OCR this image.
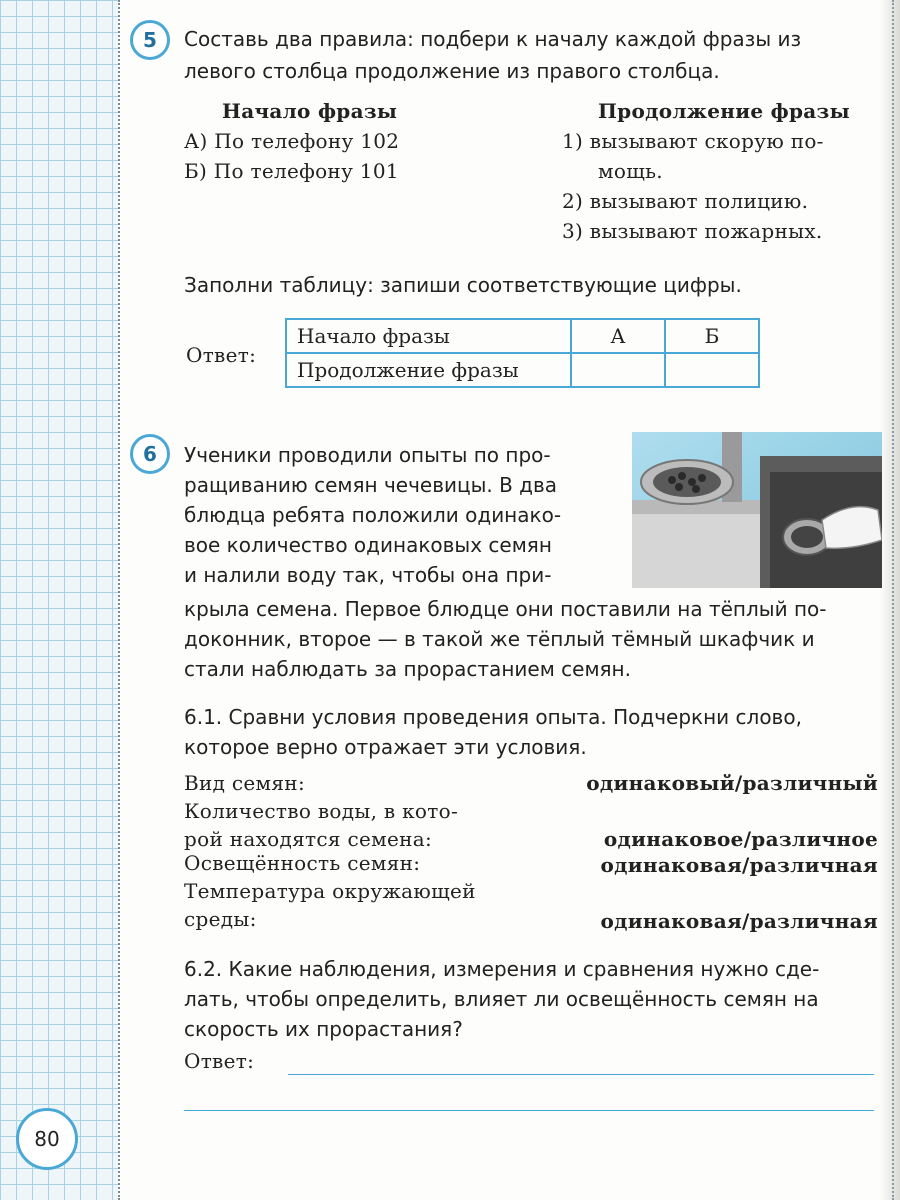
5 Составь два правила: подбери к началу каждой фразы из

левого столбца продолжение из правого столбца.

Начало фразы

А) По телефону 102

Б) По телефону 101

Продолжение фразы

1) вызывают скорую по-

мощь.

2) вызывают полицию.

3) вызывают пожарных.

Заполни таблицу: запиши соответствующие цифры.

Ответ:

Начало фразы	А	Б
Продолжение фразы		
6 Ученики проводили опыты по про-

ращиванию семян чечевицы. В два

блюдца ребята положили одинако-

вое количество одинаковых семян

и налили воду так, чтобы она при-

крыла семена. Первое блюдце они поставили на тёплый по-

доконник, второе — в такой же тёплый тёмный шкафчик и

стали наблюдать за прорастанием семян.

6.1. Сравни условия проведения опыта. Подчеркни слово,

которое верно отражает эти условия.

Вид семян:	одинаковый/различный

Количество воды, в кото-

рой находятся семена:	одинаковое/различное

Освещённость семян:	одинаковая/различная

Температура окружающей

среды:	одинаковая/различная

6.2. Какие наблюдения, измерения и сравнения нужно сде-

лать, чтобы определить, влияет ли освещённость семян на

скорость их прорастания?

Ответ:

80
